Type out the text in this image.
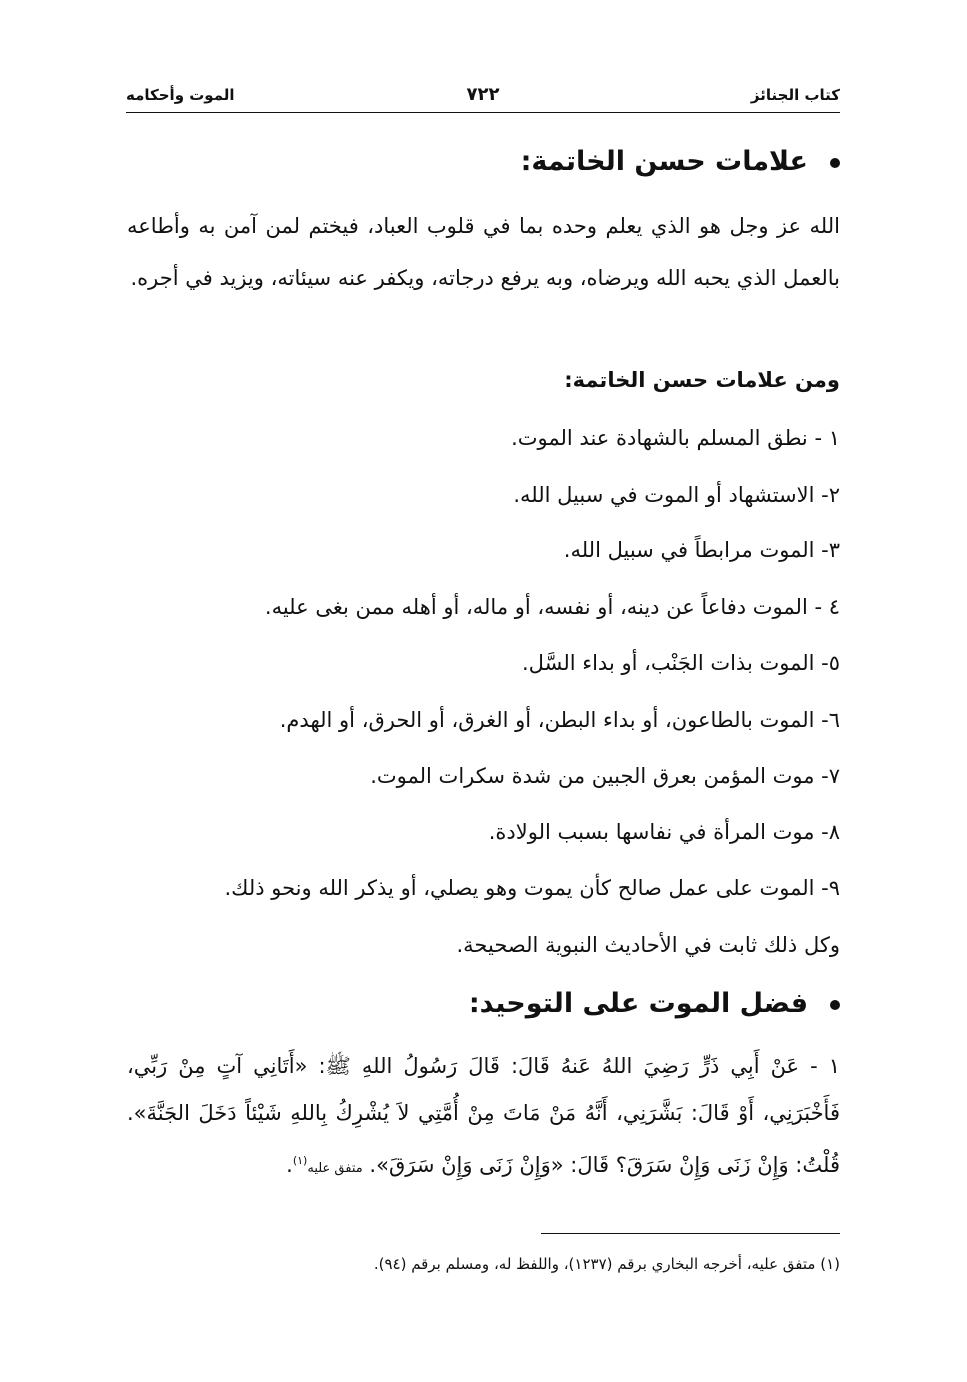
كتاب الجنائز
٧٢٢
الموت وأحكامه
علامات حسن الخاتمة:
الله عز وجل هو الذي يعلم وحده بما في قلوب العباد، فيختم لمن آمن به وأطاعه بالعمل الذي يحبه الله ويرضاه، وبه يرفع درجاته، ويكفر عنه سيئاته، ويزيد في أجره.
ومن علامات حسن الخاتمة:
١ - نطق المسلم بالشهادة عند الموت.
٢- الاستشهاد أو الموت في سبيل الله.
٣- الموت مرابطاً في سبيل الله.
٤ - الموت دفاعاً عن دينه، أو نفسه، أو ماله، أو أهله ممن بغى عليه.
٥- الموت بذات الجَنْب، أو بداء السَّل.
٦- الموت بالطاعون، أو بداء البطن، أو الغرق، أو الحرق، أو الهدم.
٧- موت المؤمن بعرق الجبين من شدة سكرات الموت.
٨- موت المرأة في نفاسها بسبب الولادة.
٩- الموت على عمل صالح كأن يموت وهو يصلي، أو يذكر الله ونحو ذلك.
وكل ذلك ثابت في الأحاديث النبوية الصحيحة.
فضل الموت على التوحيد:
١ - عَنْ أَبِي ذَرٍّ رَضِيَ اللهُ عَنهُ قَالَ: قَالَ رَسُولُ اللهِ ﷺ: «أَتَانِي آتٍ مِنْ رَبِّي، فَأَخْبَرَنِي، أَوْ قَالَ: بَشَّرَنِي، أَنَّهُ مَنْ مَاتَ مِنْ أُمَّتِي لاَ يُشْرِكُ بِاللهِ شَيْئاً دَخَلَ الجَنَّةَ». قُلْتُ: وَإِنْ زَنَى وَإِنْ سَرَقَ؟ قَالَ: «وَإِنْ زَنَى وَإِنْ سَرَقَ». متفق عليه$^{(١)}$.
(١) متفق عليه، أخرجه البخاري برقم (١٢٣٧)، واللفظ له، ومسلم برقم (٩٤).
